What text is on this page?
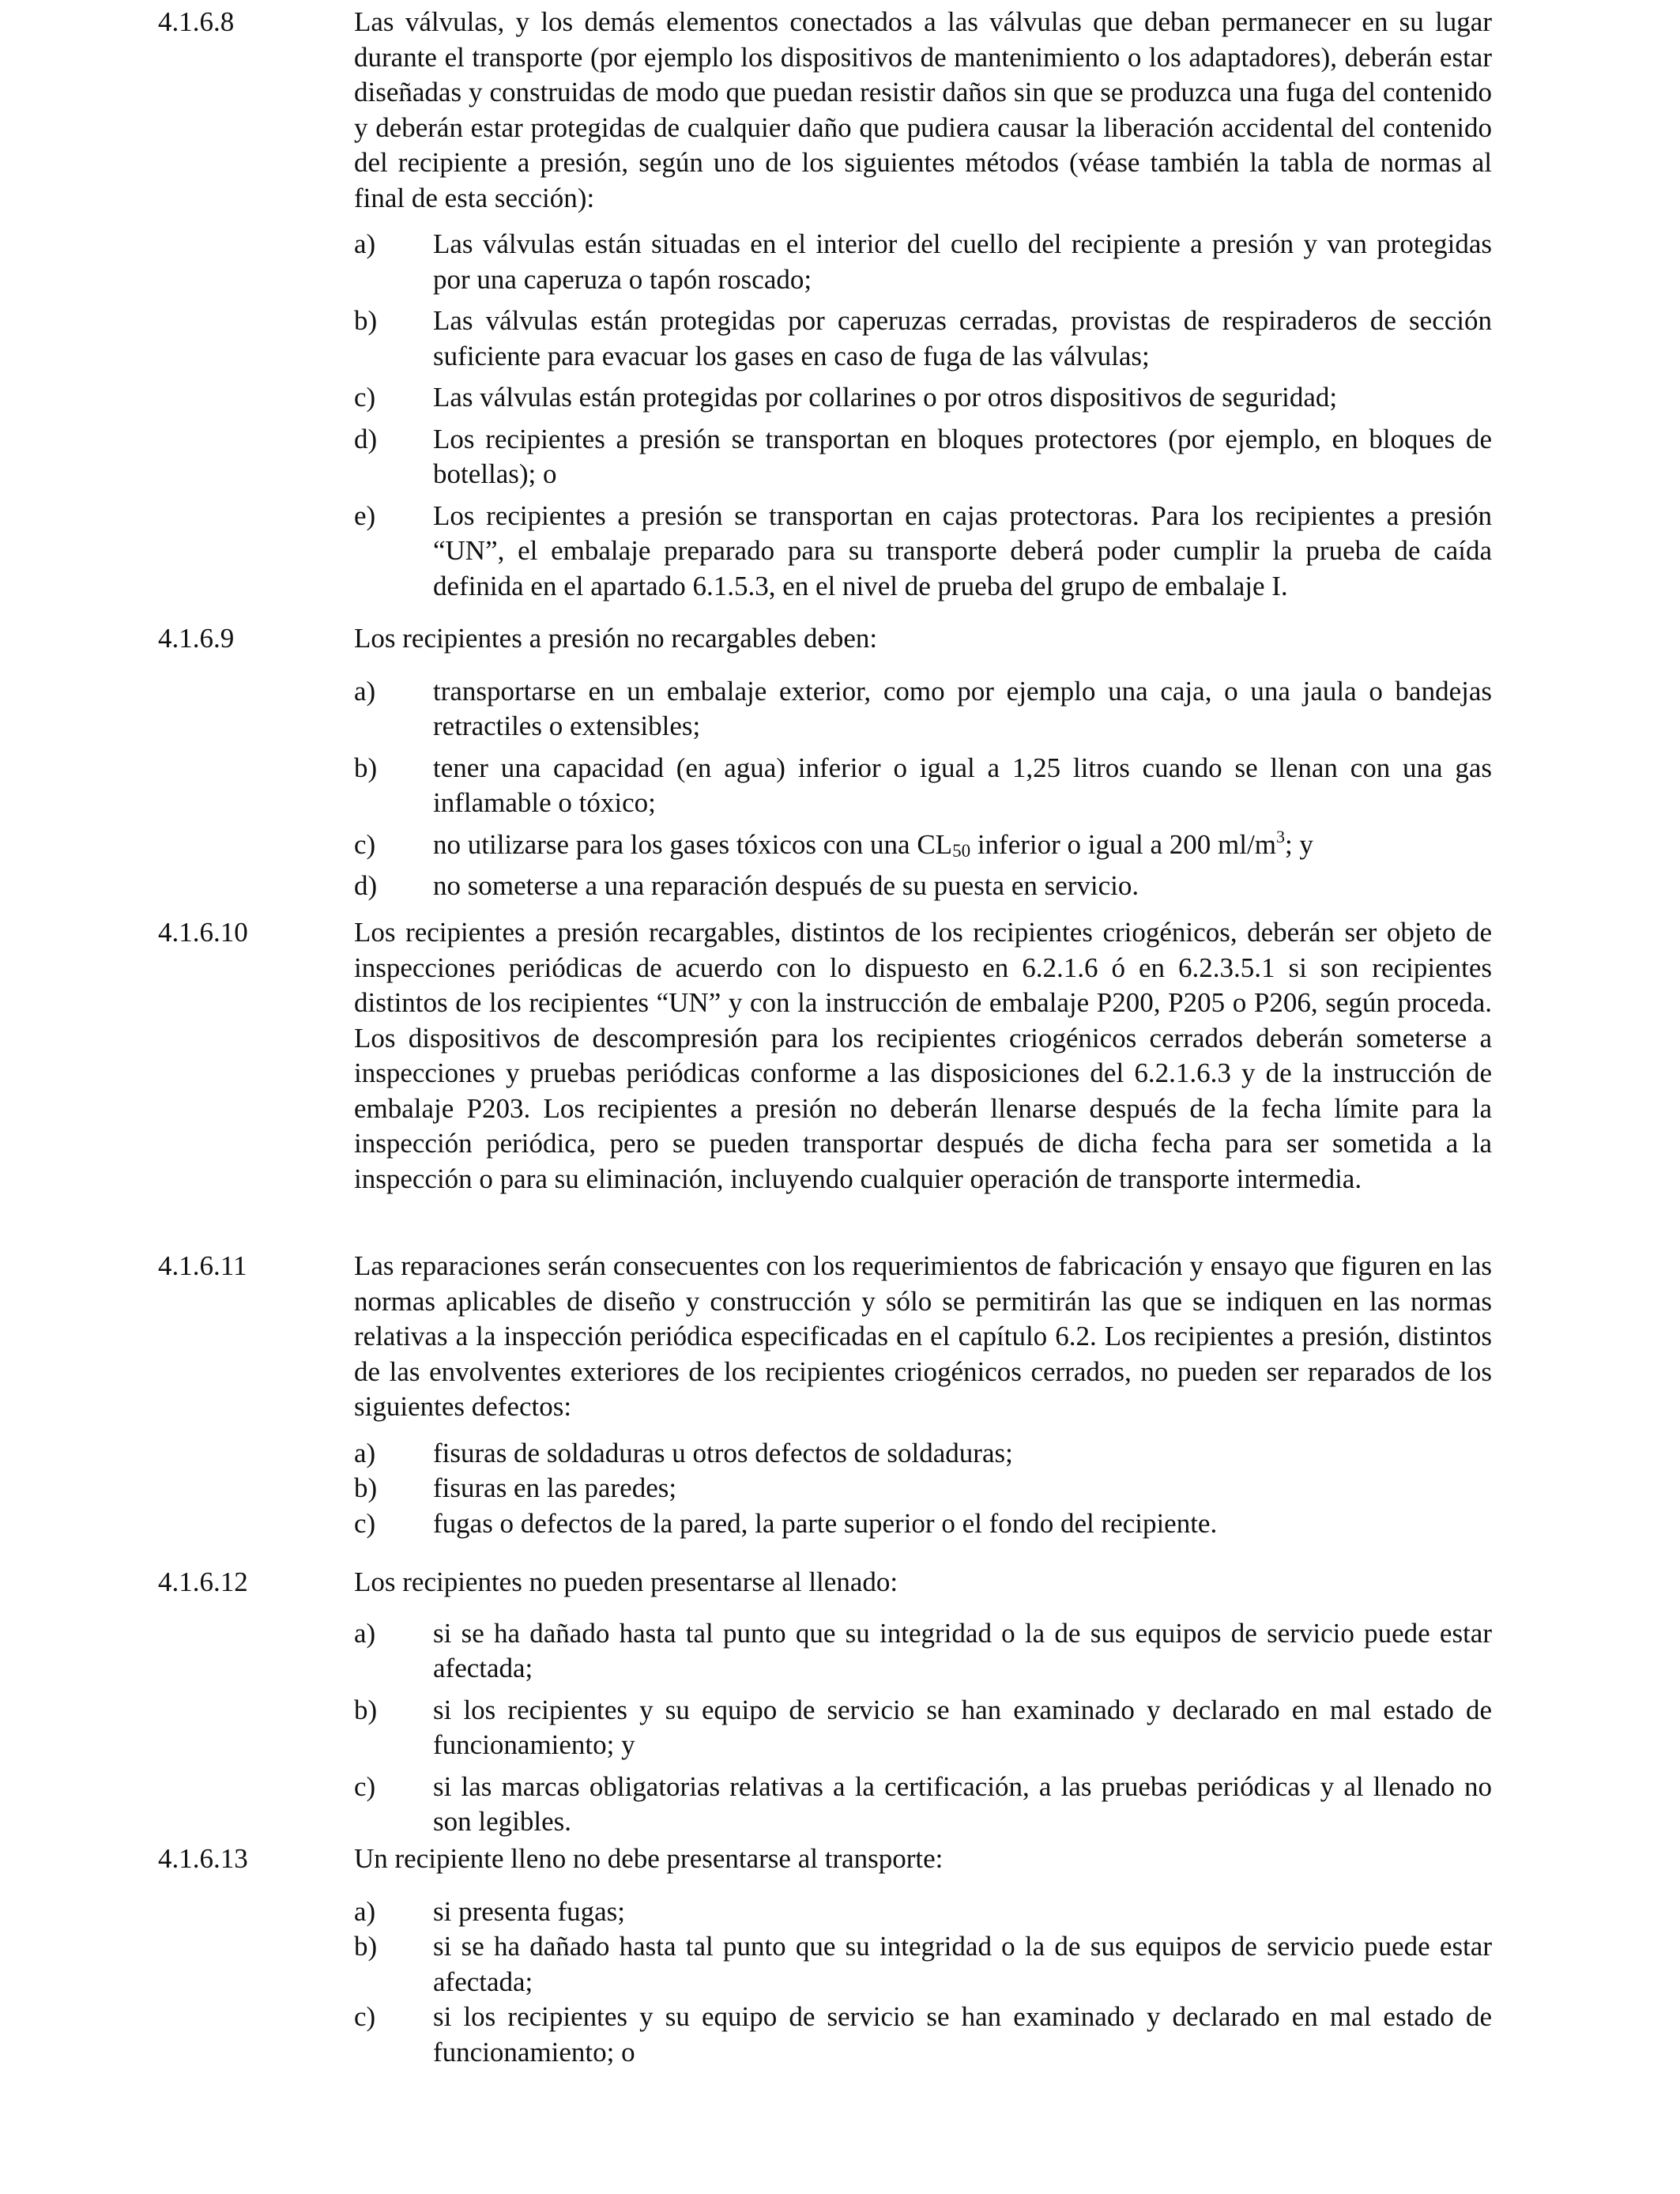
4.1.6.8	Las válvulas, y los demás elementos conectados a las válvulas que deban permanecer en su lugar durante el transporte (por ejemplo los dispositivos de mantenimiento o los adaptadores), deberán estar diseñadas y construidas de modo que puedan resistir daños sin que se produzca una fuga del contenido y deberán estar protegidas de cualquier daño que pudiera causar la liberación accidental del contenido del recipiente a presión, según uno de los siguientes métodos (véase también la tabla de normas al final de esta sección):

a) Las válvulas están situadas en el interior del cuello del recipiente a presión y van protegidas por una caperuza o tapón roscado;
b) Las válvulas están protegidas por caperuzas cerradas, provistas de respiraderos de sección suficiente para evacuar los gases en caso de fuga de las válvulas;
c) Las válvulas están protegidas por collarines o por otros dispositivos de seguridad;
d) Los recipientes a presión se transportan en bloques protectores (por ejemplo, en bloques de botellas); o
e) Los recipientes a presión se transportan en cajas protectoras. Para los recipientes a presión “UN”, el embalaje preparado para su transporte deberá poder cumplir la prueba de caída definida en el apartado 6.1.5.3, en el nivel de prueba del grupo de embalaje I.
4.1.6.9	Los recipientes a presión no recargables deben:

a) transportarse en un embalaje exterior, como por ejemplo una caja, o una jaula o bandejas retractiles o extensibles;
b) tener una capacidad (en agua) inferior o igual a 1,25 litros cuando se llenan con una gas inflamable o tóxico;
c) no utilizarse para los gases tóxicos con una CL50 inferior o igual a 200 $ml/m^3$; y
d) no someterse a una reparación después de su puesta en servicio.
4.1.6.10	Los recipientes a presión recargables, distintos de los recipientes criogénicos, deberán ser objeto de inspecciones periódicas de acuerdo con lo dispuesto en 6.2.1.6 ó en 6.2.3.5.1 si son recipientes distintos de los recipientes “UN” y con la instrucción de embalaje P200, P205 o P206, según proceda. Los dispositivos de descompresión para los recipientes criogénicos cerrados deberán someterse a inspecciones y pruebas periódicas conforme a las disposiciones del 6.2.1.6.3 y de la instrucción de embalaje P203. Los recipientes a presión no deberán llenarse después de la fecha límite para la inspección periódica, pero se pueden transportar después de dicha fecha para ser sometida a la inspección o para su eliminación, incluyendo cualquier operación de transporte intermedia.

4.1.6.11	Las reparaciones serán consecuentes con los requerimientos de fabricación y ensayo que figuren en las normas aplicables de diseño y construcción y sólo se permitirán las que se indiquen en las normas relativas a la inspección periódica especificadas en el capítulo 6.2. Los recipientes a presión, distintos de las envolventes exteriores de los recipientes criogénicos cerrados, no pueden ser reparados de los siguientes defectos:

a) fisuras de soldaduras u otros defectos de soldaduras;
b) fisuras en las paredes;
c) fugas o defectos de la pared, la parte superior o el fondo del recipiente.
4.1.6.12	Los recipientes no pueden presentarse al llenado:

a) si se ha dañado hasta tal punto que su integridad o la de sus equipos de servicio puede estar afectada;
b) si los recipientes y su equipo de servicio se han examinado y declarado en mal estado de funcionamiento; y
c) si las marcas obligatorias relativas a la certificación, a las pruebas periódicas y al llenado no son legibles.
4.1.6.13	Un recipiente lleno no debe presentarse al transporte:

a) si presenta fugas;
b) si se ha dañado hasta tal punto que su integridad o la de sus equipos de servicio puede estar afectada;
c) si los recipientes y su equipo de servicio se han examinado y declarado en mal estado de funcionamiento; o
